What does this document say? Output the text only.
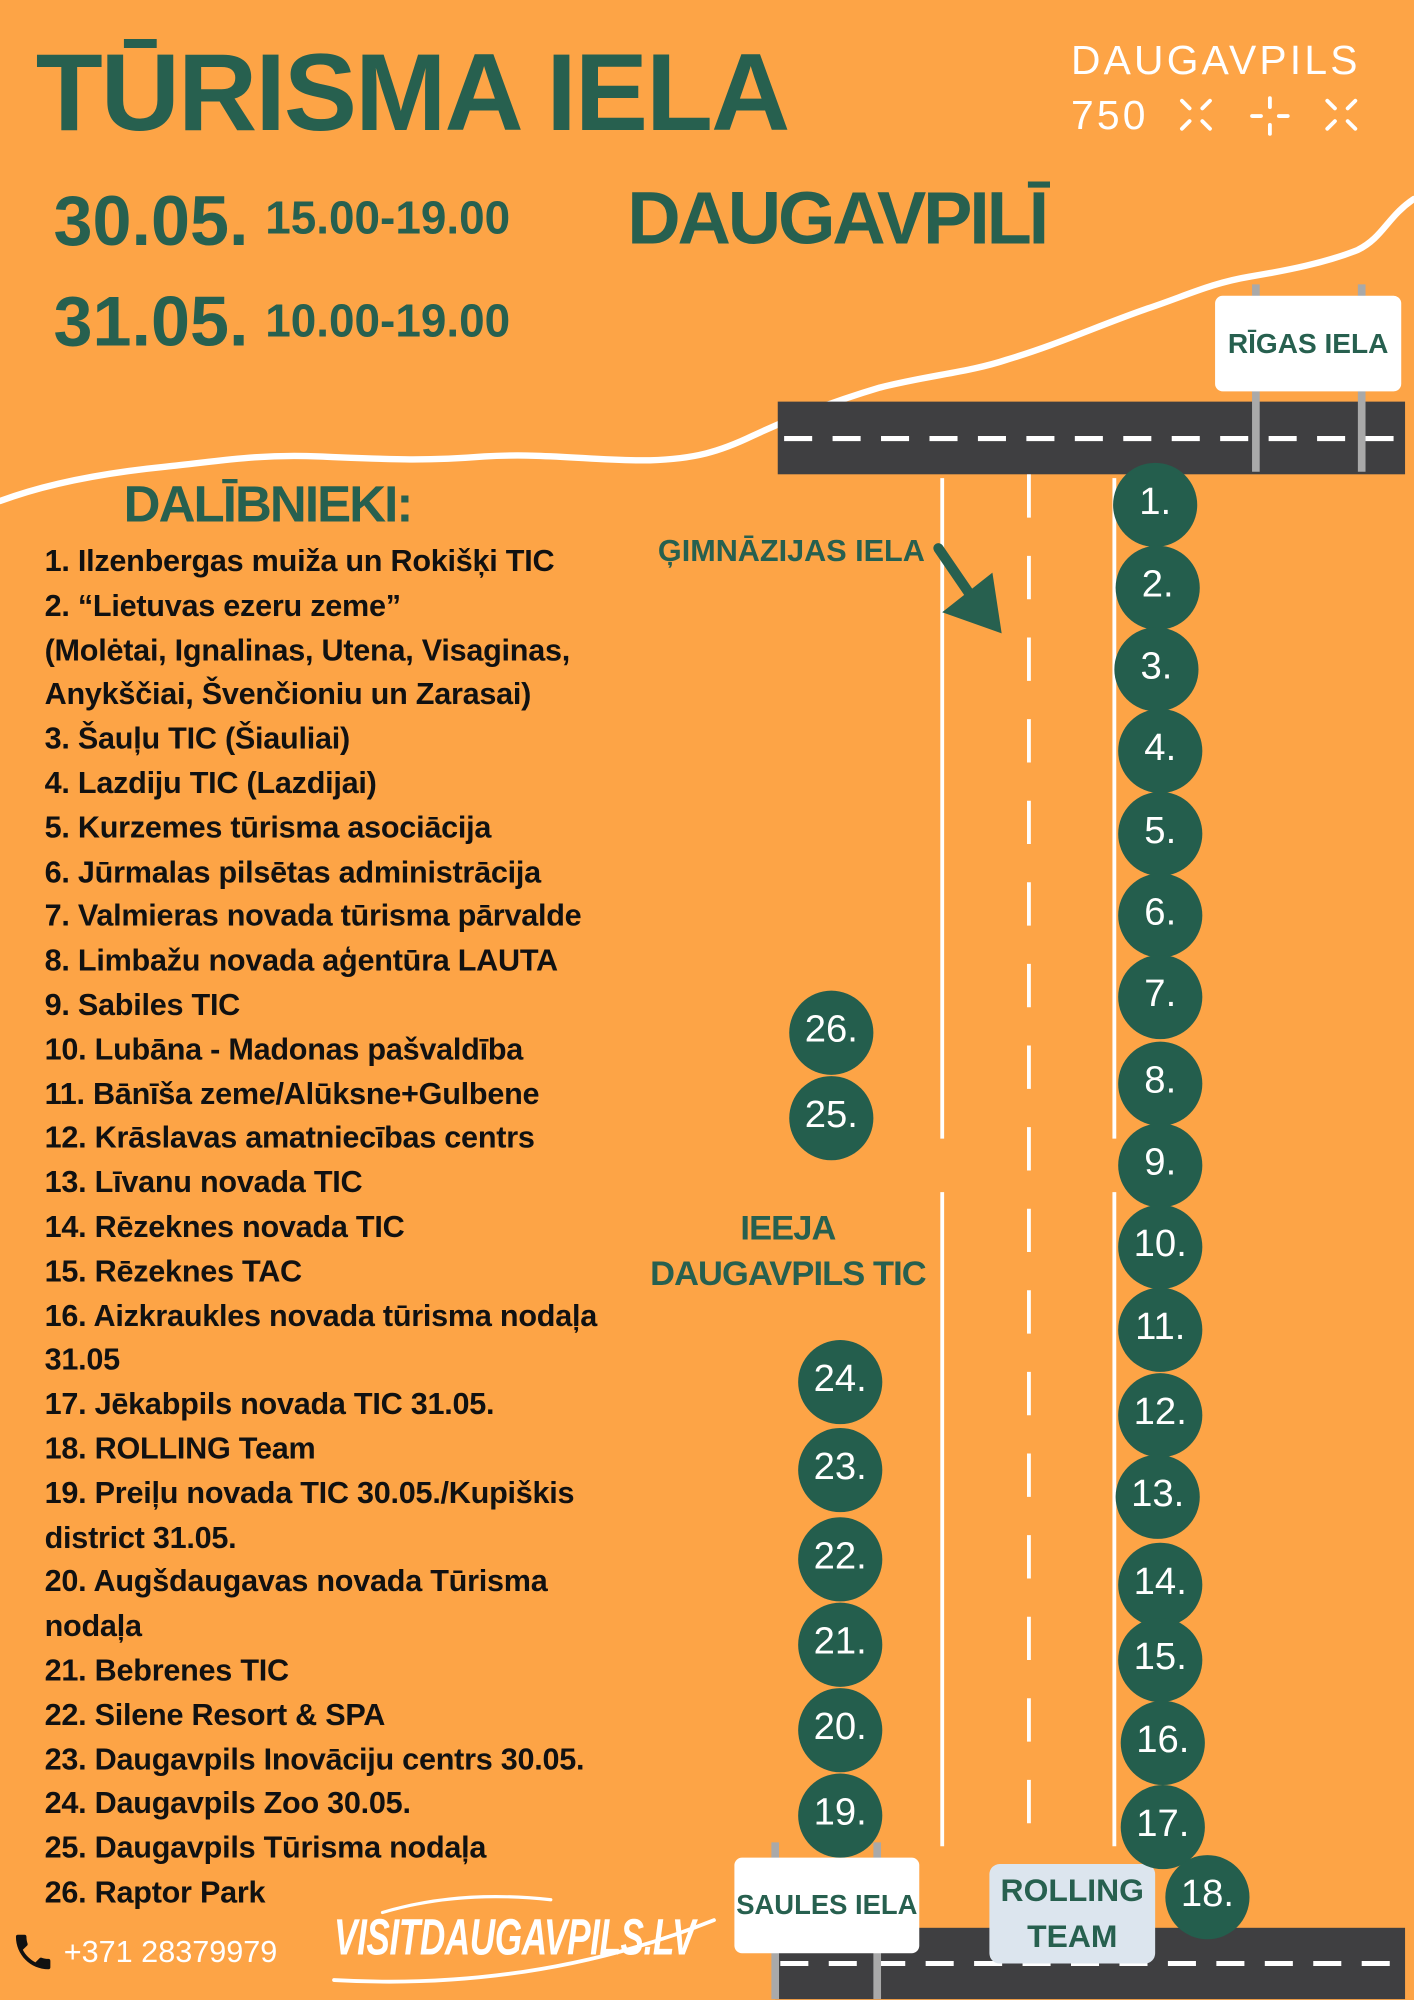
TŪRISMA IELA	DAUGAVPILS
750
30.05. 15.00-19.00
31.05. 10.00-19.00
DAUGAVPILĪ
DALĪBNIEKI:
1. Ilzenbergas muiža un Rokišķi TIC
2. “Lietuvas ezeru zeme”
(Molėtai, Ignalinas, Utena, Visaginas,
Anykščiai, Švenčioniu un Zarasai)
3. Šauļu TIC (Šiauliai)
4. Lazdiju TIC (Lazdijai)
5. Kurzemes tūrisma asociācija
6. Jūrmalas pilsētas administrācija
7. Valmieras novada tūrisma pārvalde
8. Limbažu novada aģentūra LAUTA
9. Sabiles TIC
10. Lubāna - Madonas pašvaldība
11. Bānīša zeme/Alūksne+Gulbene
12. Krāslavas amatniecības centrs
13. Līvanu novada TIC
14. Rēzeknes novada TIC
15. Rēzeknes TAC
16. Aizkraukles novada tūrisma nodaļa
31.05
17. Jēkabpils novada TIC 31.05.
18. ROLLING Team
19. Preiļu novada TIC 30.05./Kupiškis
district 31.05.
20. Augšdaugavas novada Tūrisma
nodaļa
21. Bebrenes TIC
22. Silene Resort & SPA
23. Daugavpils Inovāciju centrs 30.05.
24. Daugavpils Zoo 30.05.
25. Daugavpils Tūrisma nodaļa
26. Raptor Park
ĢIMNĀZIJAS IELA
IEEJA
DAUGAVPILS TIC
RĪGAS IELA
SAULES IELA	ROLLING
TEAM
1.
2.
3.
4.
5.
6.
7.
8.
9.
10.
11.
12.
13.
14.
15.
16.
17.
18.
19.
20.
21.
22.
23.
24.
25.
26.
+371 28379979 VISITDAUGAVPILS.LV
